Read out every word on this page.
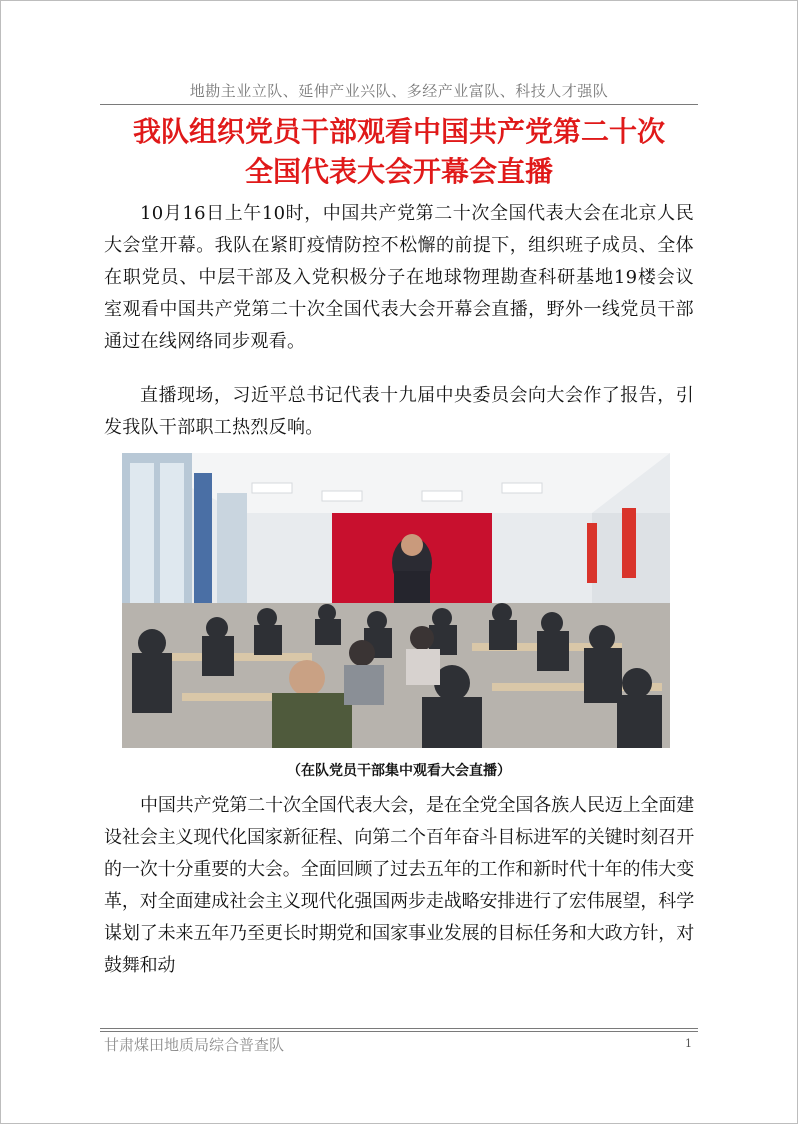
地勘主业立队、延伸产业兴队、多经产业富队、科技人才强队
我队组织党员干部观看中国共产党第二十次
全国代表大会开幕会直播

10月16日上午10时，中国共产党第二十次全国代表大会在北京人民大会堂开幕。我队在紧盯疫情防控不松懈的前提下，组织班子成员、全体在职党员、中层干部及入党积极分子在地球物理勘查科研基地19楼会议室观看中国共产党第二十次全国代表大会开幕会直播，野外一线党员干部通过在线网络同步观看。

直播现场，习近平总书记代表十九届中央委员会向大会作了报告，引发我队干部职工热烈反响。

（在队党员干部集中观看大会直播）

中国共产党第二十次全国代表大会，是在全党全国各族人民迈上全面建设社会主义现代化国家新征程、向第二个百年奋斗目标进军的关键时刻召开的一次十分重要的大会。全面回顾了过去五年的工作和新时代十年的伟大变革，对全面建成社会主义现代化强国两步走战略安排进行了宏伟展望，科学谋划了未来五年乃至更长时期党和国家事业发展的目标任务和大政方针，对鼓舞和动

甘肃煤田地质局综合普查队	1
